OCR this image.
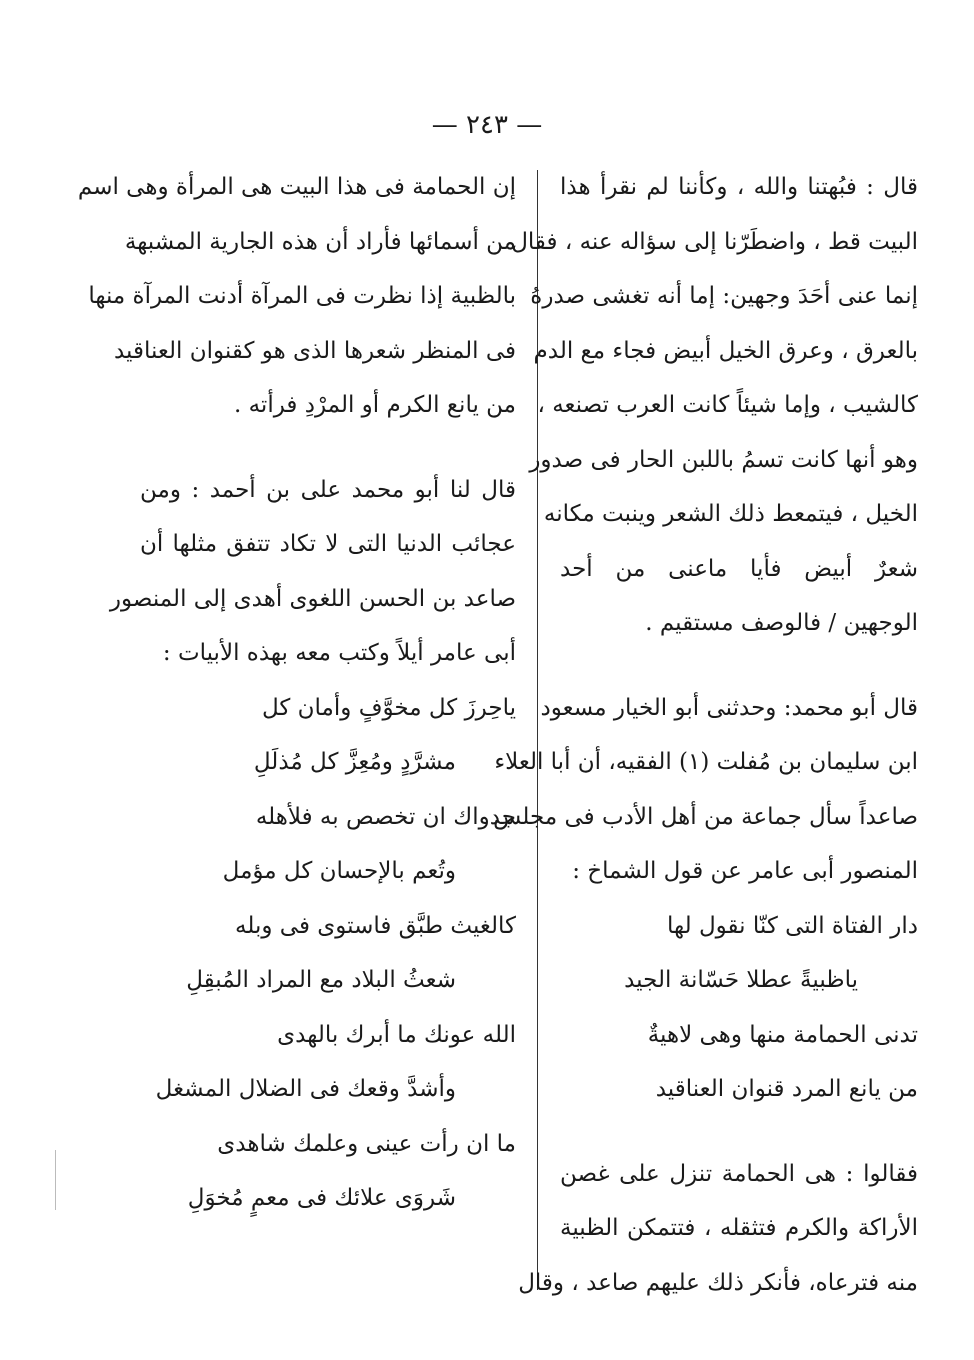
— ٢٤٣ —
قال : فبُهتنا والله ، وكأننا لم نقرأ هذا
البيت قط ، واضطَرّنا إلى سؤاله عنه ، فقال
إنما عنى أحَدَ وجهين: إما أنه تغشى صدرهُ
بالعرق ، وعرق الخيل أبيض فجاء مع الدم
كالشيب ، وإما شيئاً كانت العرب تصنعه ،
وهو أنها كانت تسمُ باللبن الحار فى صدور
الخيل ، فيتمعط ذلك الشعر وينبت مكانه
شعرٌ أبيض فأيا ماعنى من أحد
الوجهين / فالوصف مستقيم .
قال أبو محمد: وحدثنى أبو الخيار مسعود
ابن سليمان بن مُفلت (١) الفقيه، أن أبا العلاء
صاعداً سأل جماعة من أهل الأدب فى مجلس
المنصور أبى عامر عن قول الشماخ :
دار الفتاة التى كنّا نقول لها
ياظبيةً عطلا حَسّانة الجيد
تدنى الحمامة منها وهى لاهيةٌ
من يانع المرد قنوان العناقيد
فقالوا : هى الحمامة تنزل على غصن
الأراكة والكرم فتثقله ، فتتمكن الظبية
منه فترعاه، فأنكر ذلك عليهم صاعد ، وقال
إن الحمامة فى هذا البيت هى المرأة وهى اسم
من أسمائها فأراد أن هذه الجارية المشبهة
بالظبية إذا نظرت فى المرآة أدنت المرآة منها
فى المنظر شعرها الذى هو كقنوان العناقيد
من يانع الكرم أو المرْدِ فرأته .
قال لنا أبو محمد على بن أحمد : ومن
عجائب الدنيا التى لا تكاد تتفق مثلها أن
صاعد بن الحسن اللغوى أهدى إلى المنصور
أبى عامر أيلاً وكتب معه بهذه الأبيات :
ياحِرزَ كل مخوَّفٍ وأمان كل
مشرَّدٍ ومُعِزَّ كل مُذلَلِ
جدواك ان تخصص به فلأهله
وتُعم بالإحسان كل مؤمل
كالغيث طبَّق فاستوى فى وبله
شعثُ البلاد مع المراد المُبقِلِ
الله عونك ما أبرك بالهدى
وأشدَّ وقعك فى الضلال المشغل
ما ان رأت عينى وعلمك شاهدى
شَروَى علائك فى معمٍ مُخوَلِ
